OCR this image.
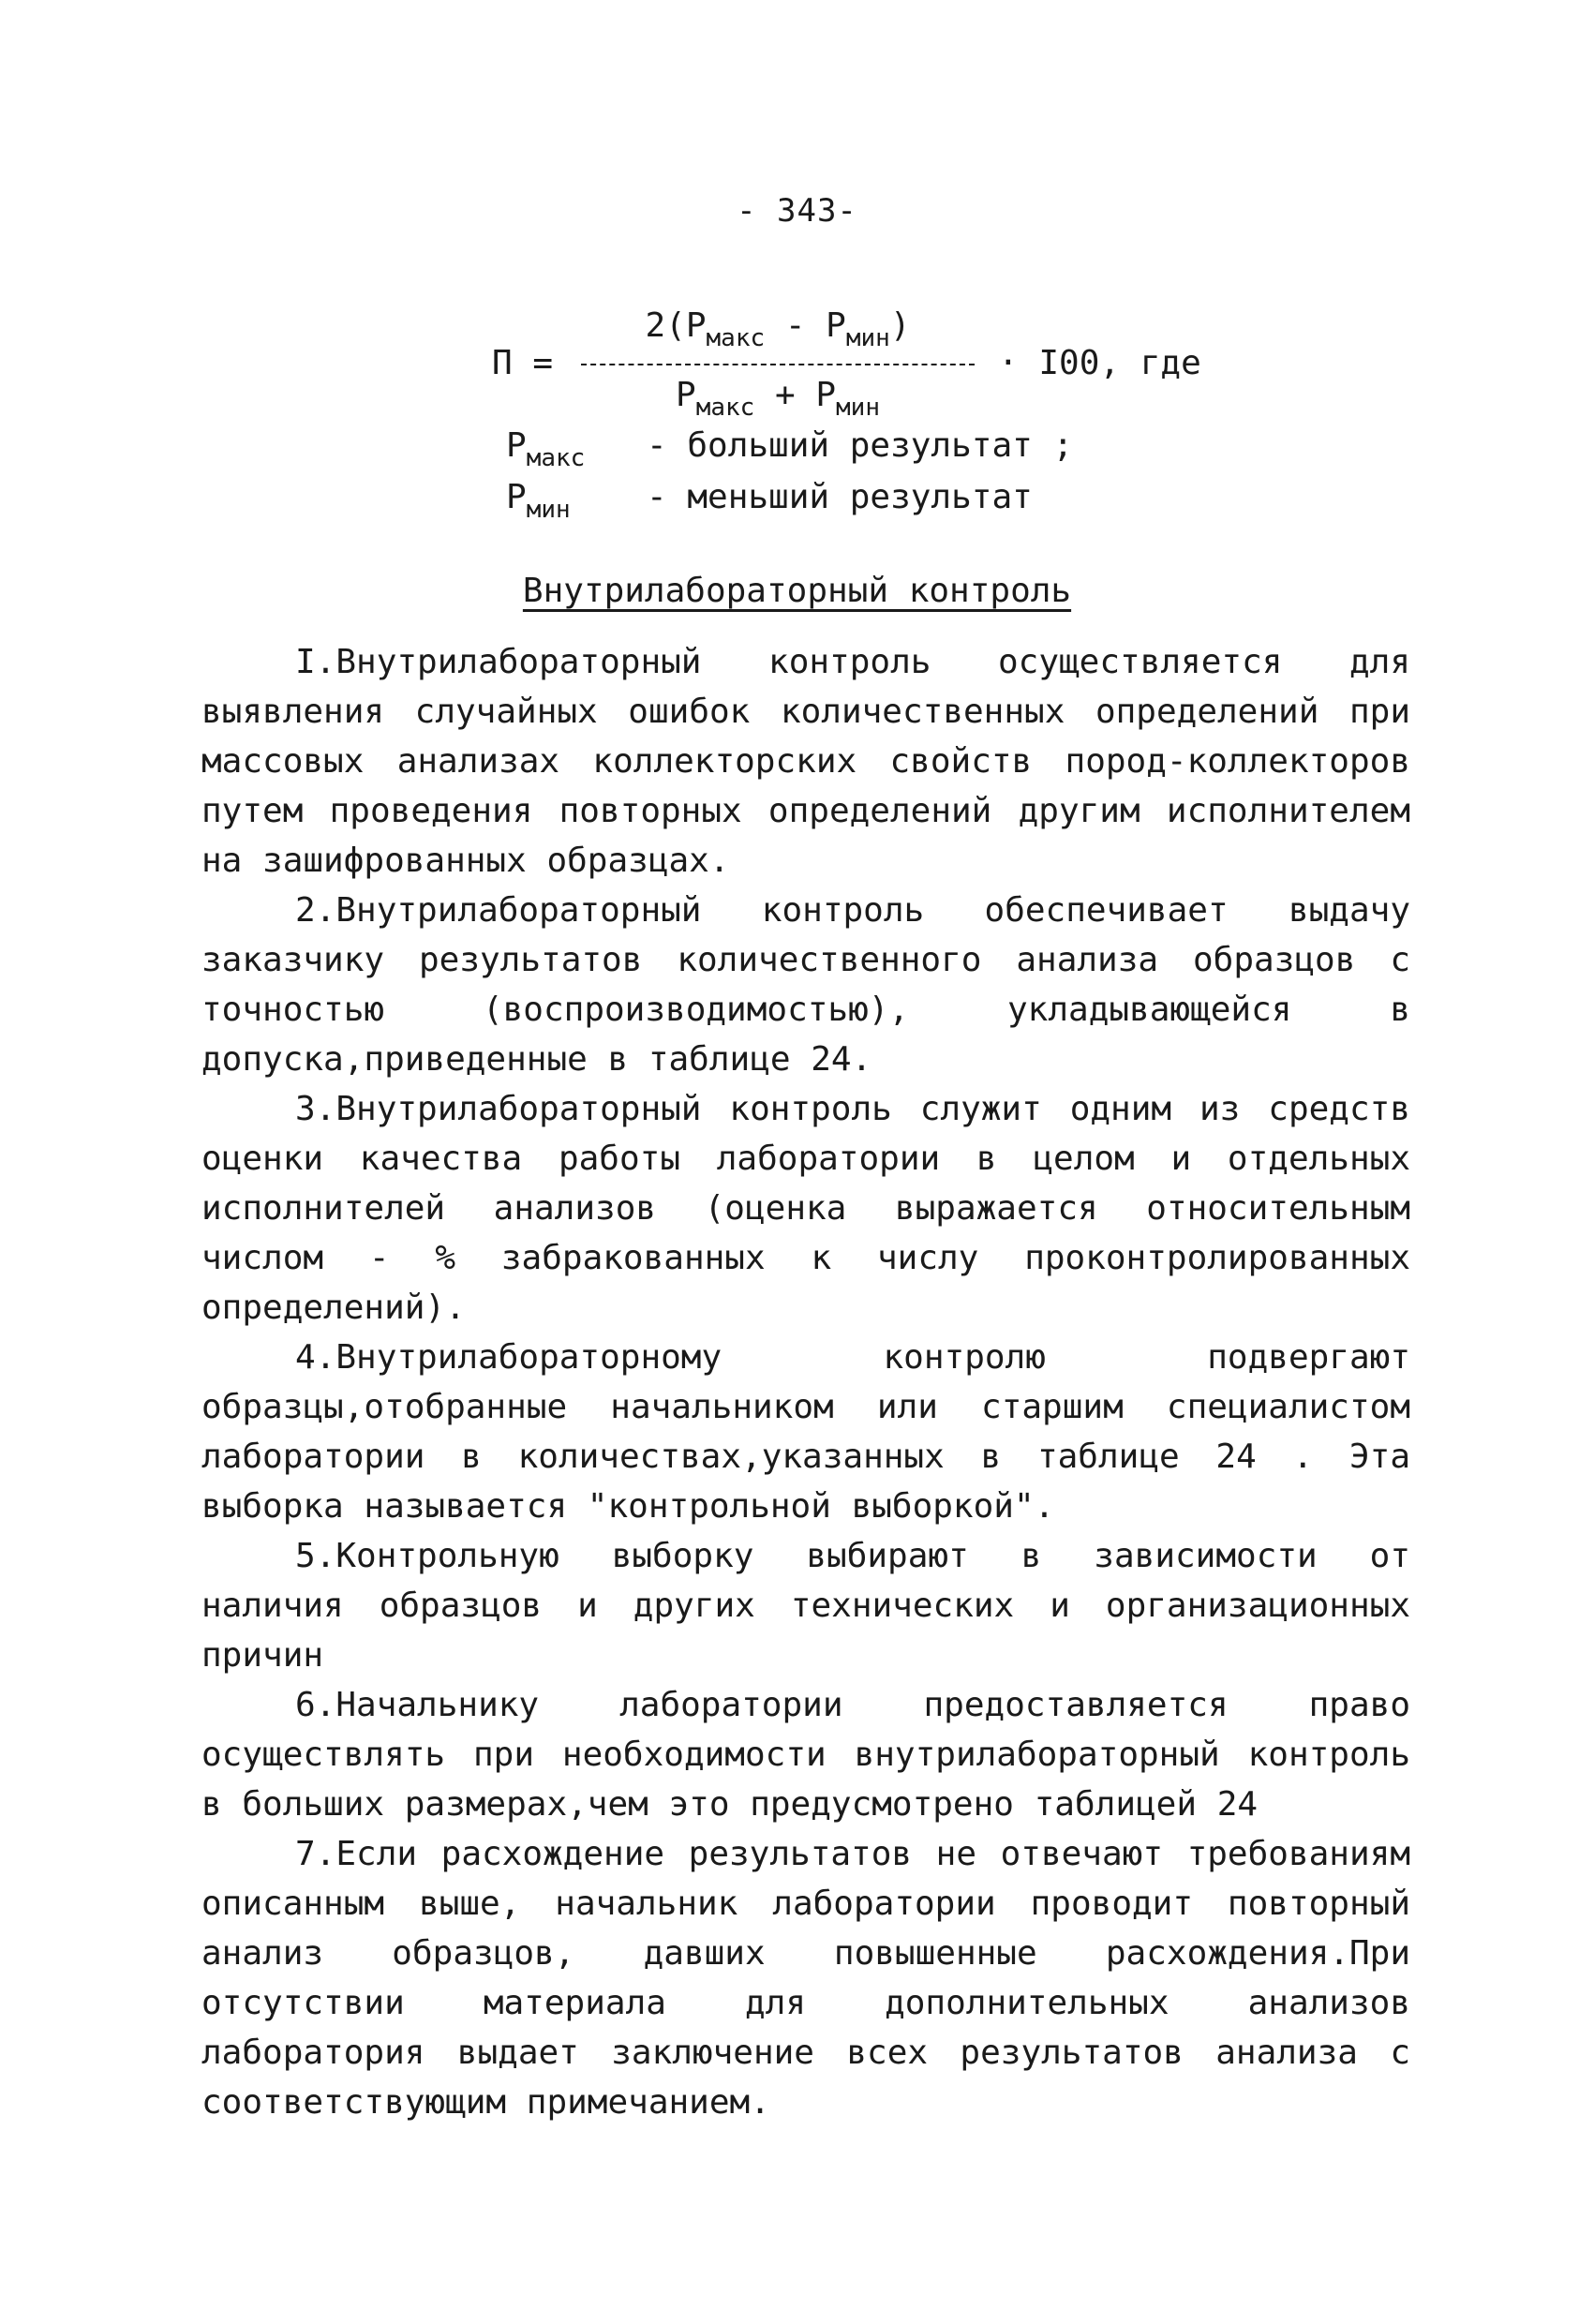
- 343-
П =
$2(P_{макс} - P_{мин})$
$P_{макс} + P_{мин}$
· I00, где
$P_{макс}$ - больший результат ;
$P_{мин}$ - меньший результат
Внутрилабораторный контроль

I.Внутрилабораторный контроль осуществляется для выявления случайных ошибок количественных определений при массовых анализах коллекторских свойств пород-коллекторов путем проведения повторных определений другим исполнителем на зашифрованных образцах.

2.Внутрилабораторный контроль обеспечивает выдачу заказчику результатов количественного анализа образцов с точностью (воспроизводимостью), укладывающейся в допуска,приведенные в таблице 24.

3.Внутрилабораторный контроль служит одним из средств оценки качества работы лаборатории в целом и отдельных исполнителей анализов (оценка выражается относительным числом - % забракованных к числу проконтролированных определений).

4.Внутрилабораторному контролю подвергают образцы,отобранные начальником или старшим специалистом лаборатории в количествах,указанных в таблице 24 . Эта выборка называется "контрольной выборкой".

5.Контрольную выборку выбирают в зависимости от наличия образцов и других технических и организационных причин

6.Начальнику лаборатории предоставляется право осуществлять при необходимости внутрилабораторный контроль в больших размерах,чем это предусмотрено таблицей 24

7.Если расхождение результатов не отвечают требованиям описанным выше, начальник лаборатории проводит повторный анализ образцов, давших повышенные расхождения.При отсутствии материала для дополнительных анализов лаборатория выдает заключение всех результатов анализа с соответствующим примечанием.
